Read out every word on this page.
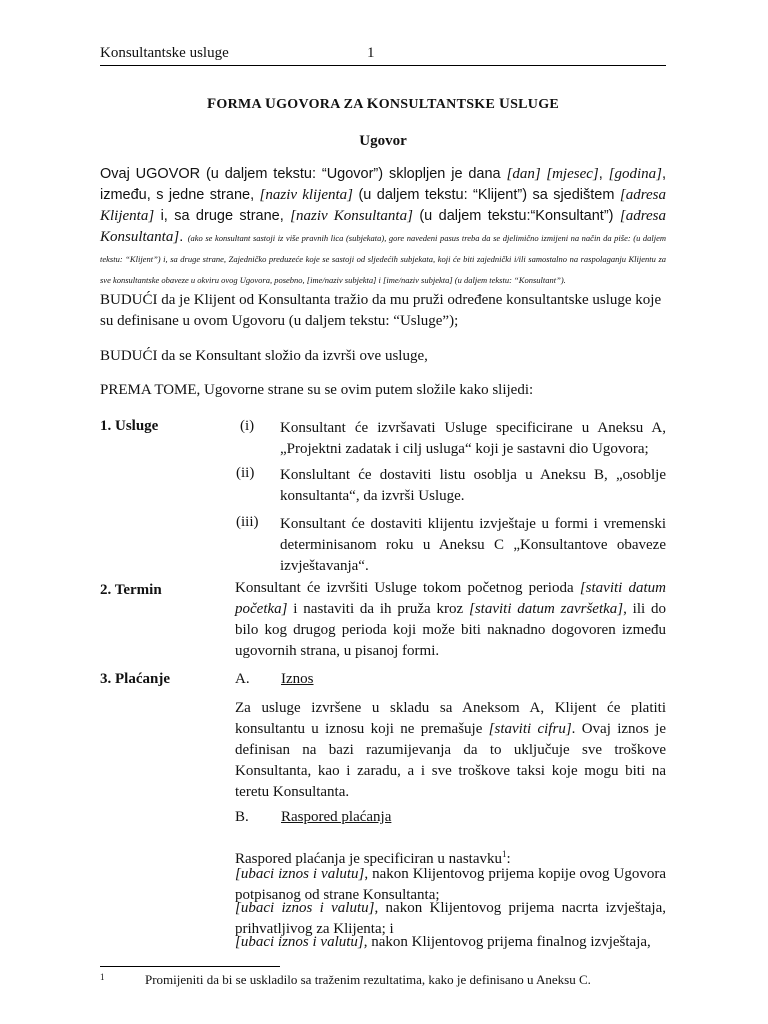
Konsultantske usluge	1
FORMA UGOVORA ZA KONSULTANTSKE USLUGE
Ugovor
Ovaj UGOVOR (u daljem tekstu: “Ugovor”) sklopljen je dana [dan] [mjesec], [godina], između, s jedne strane, [naziv klijenta] (u daljem tekstu: “Klijent”) sa sjedištem [adresa Klijenta] i, sa druge strane, [naziv Konsultanta] (u daljem tekstu:“Konsultant”) [adresa Konsultanta]. (ako se konsultant sastoji iz više pravnih lica (subjekata), gore navedeni pasus treba da se djelimično izmijeni na način da piše: (u daljem tekstu: “Klijent”) i, sa druge strane, Zajedničko preduzeće koje se sastoji od sljedećih subjekata, koji će biti zajednički i/ili samostalno na raspolaganju Klijentu za sve konsultantske obaveze u okviru ovog Ugovora, posebno, [ime/naziv subjekta] i [ime/naziv subjekta] (u daljem tekstu: “Konsultant”).
BUDUĆI da je Klijent od Konsultanta tražio da mu pruži određene konsultantske usluge koje su definisane u ovom Ugovoru (u daljem tekstu: “Usluge”);
BUDUĆI da se Konsultant složio da izvrši ove usluge,
PREMA TOME, Ugovorne strane su se ovim putem složile kako slijedi:
1. Usluge	(i) Konsultant će izvršavati Usluge specificirane u Aneksu A, „Projektni zadatak i cilj usluga“ koji je sastavni dio Ugovora;
(ii) Konslultant će dostaviti listu osoblja u Aneksu B, „osoblje konsultanta“, da izvrši Usluge.
(iii) Konsultant će dostaviti klijentu izvještaje u formi i vremenski determinisanom roku u Aneksu C „Konsultantove obaveze izvještavanja“.
2. Termin	Konsultant će izvršiti Usluge tokom početnog perioda [staviti datum početka] i nastaviti da ih pruža kroz [staviti datum završetka], ili do bilo kog drugog perioda koji može biti naknadno dogovoren između ugovornih strana, u pisanoj formi.
3. Plaćanje	A. Iznos
Za usluge izvršene u skladu sa Aneksom A, Klijent će platiti konsultantu u iznosu koji ne premašuje [staviti cifru]. Ovaj iznos je definisan na bazi razumijevanja da to uključuje sve troškove Konsultanta, kao i zaradu, a i sve troškove taksi koje mogu biti na teretu Konsultanta.
B. Raspored plaćanja
Raspored plaćanja je specificiran u nastavku$^1$:
[ubaci iznos i valutu], nakon Klijentovog prijema kopije ovog Ugovora potpisanog od strane Konsultanta;
[ubaci iznos i valutu], nakon Klijentovog prijema nacrta izvještaja, prihvatljivog za Klijenta; i
[ubaci iznos i valutu], nakon Klijentovog prijema finalnog izvještaja,
1	Promijeniti da bi se uskladilo sa traženim rezultatima, kako je definisano u Aneksu C.
